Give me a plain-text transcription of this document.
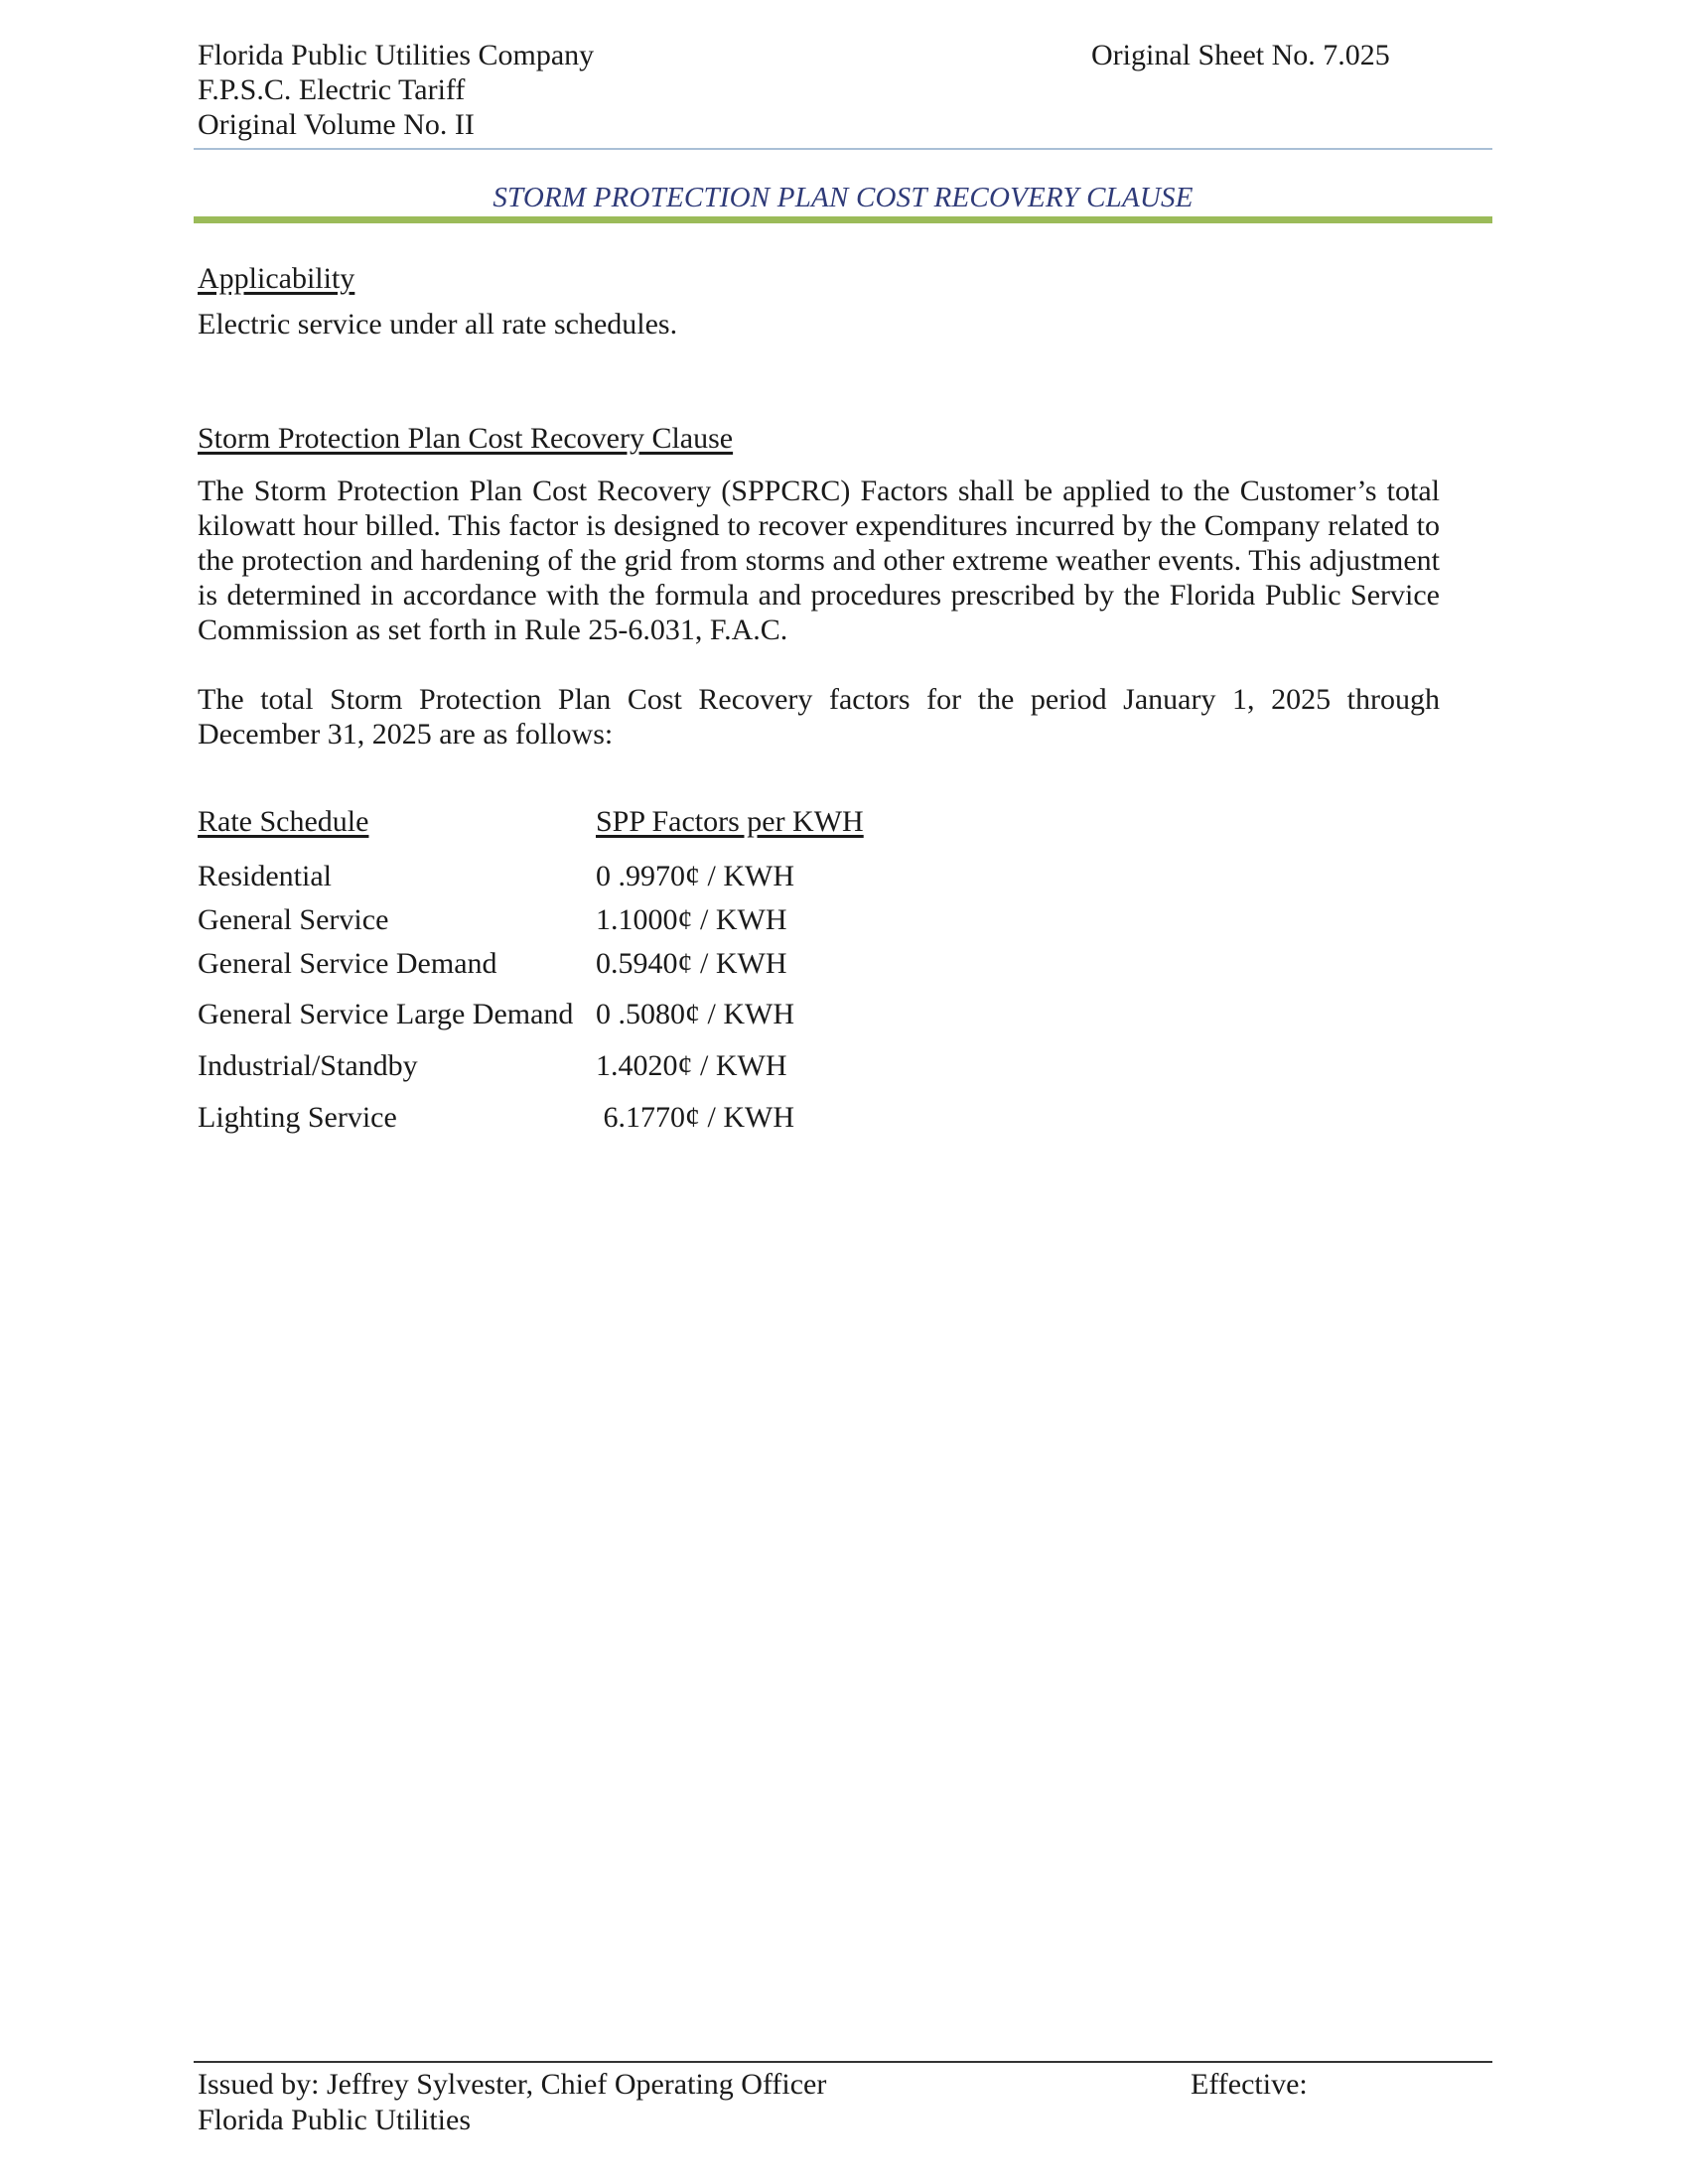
Florida Public Utilities Company
F.P.S.C. Electric Tariff
Original Volume No. II
Original Sheet No. 7.025
STORM PROTECTION PLAN COST RECOVERY CLAUSE
Applicability
Electric service under all rate schedules.
Storm Protection Plan Cost Recovery Clause
The Storm Protection Plan Cost Recovery (SPPCRC) Factors shall be applied to the Customer’s total kilowatt hour billed. This factor is designed to recover expenditures incurred by the Company related to the protection and hardening of the grid from storms and other extreme weather events. This adjustment is determined in accordance with the formula and procedures prescribed by the Florida Public Service Commission as set forth in Rule 25-6.031, F.A.C.
The total Storm Protection Plan Cost Recovery factors for the period January 1, 2025 through December 31, 2025 are as follows:
Rate Schedule	SPP Factors per KWH
Residential	0 .9970¢ / KWH
General Service	1.1000¢ / KWH
General Service Demand	0.5940¢ / KWH
General Service Large Demand 0 .5080¢ / KWH
Industrial/Standby	1.4020¢ / KWH
Lighting Service	6.1770¢ / KWH
Issued by: Jeffrey Sylvester, Chief Operating Officer
Florida Public Utilities
Effective:
